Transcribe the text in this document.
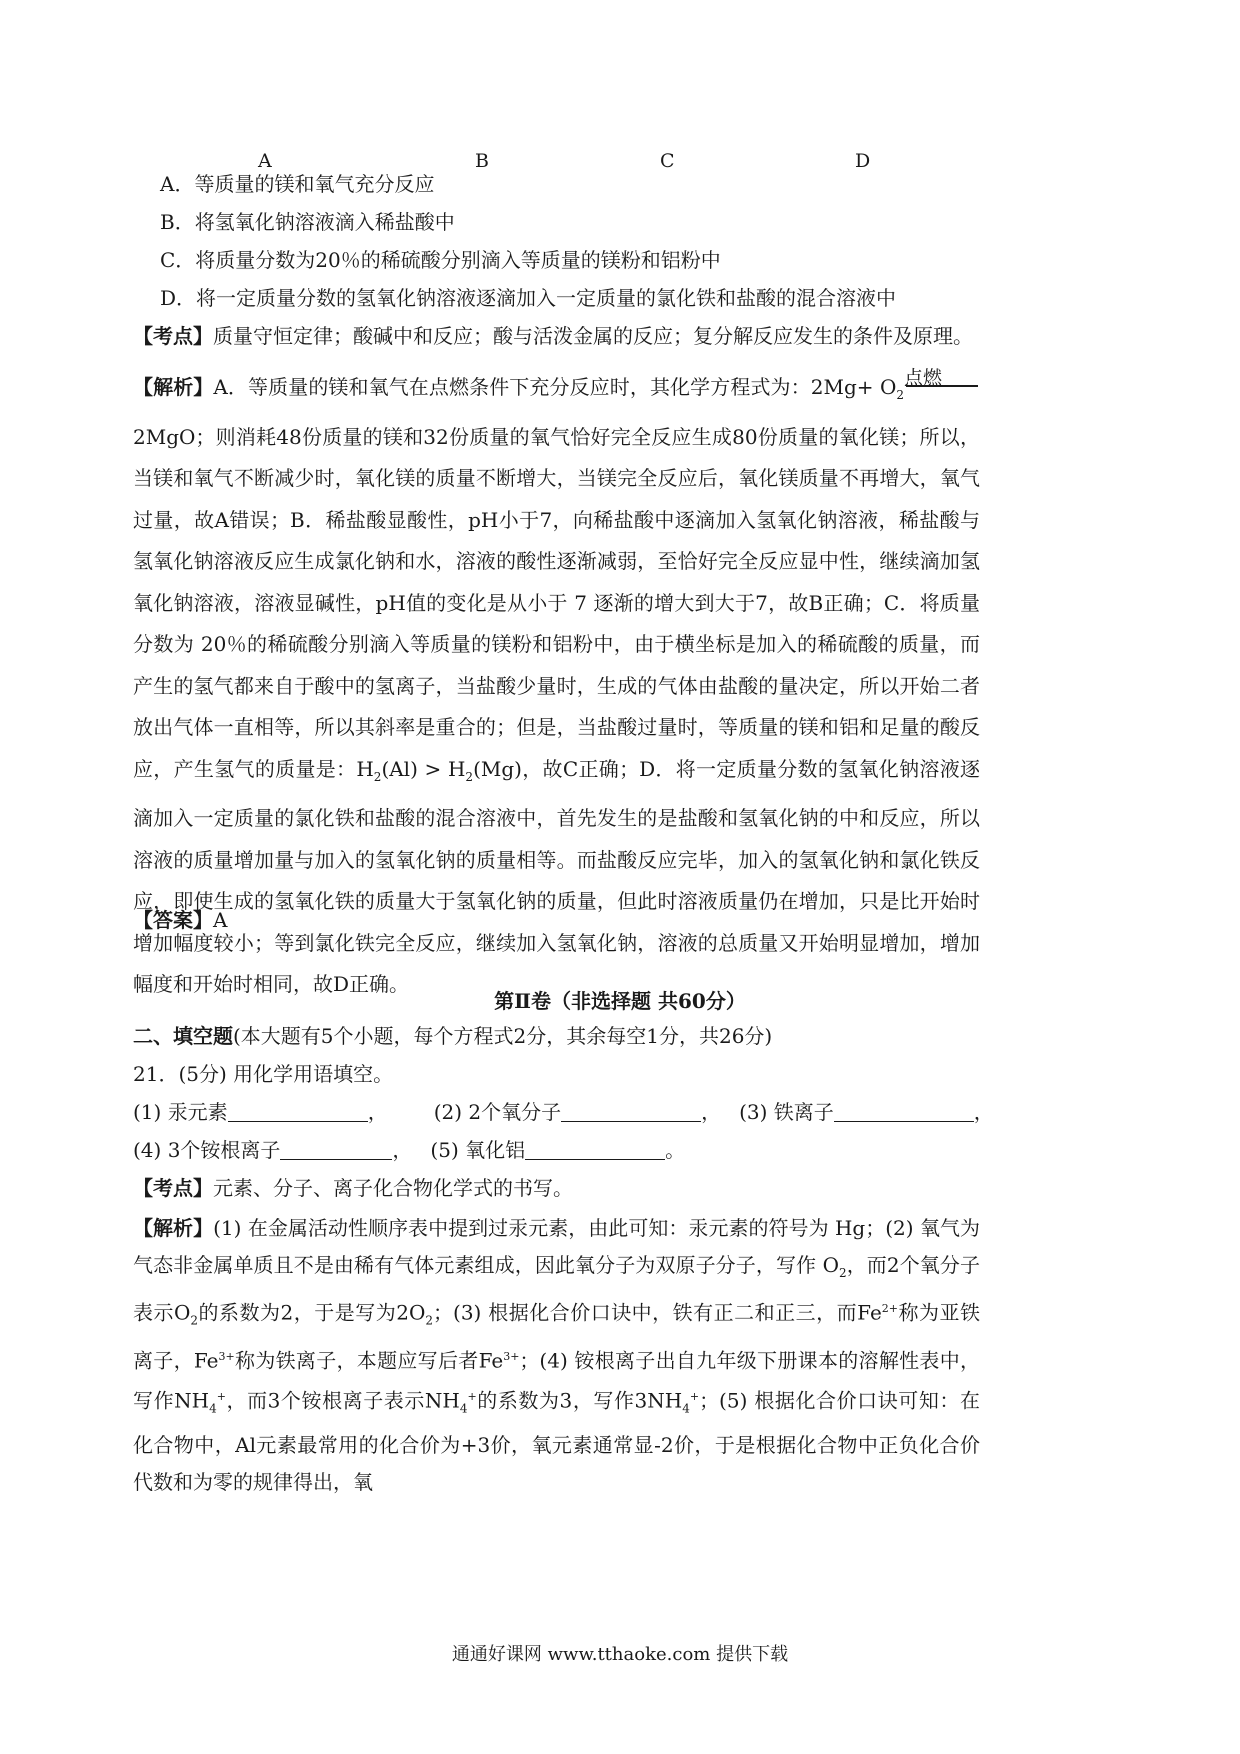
A	B	C	D
A．等质量的镁和氧气充分反应
B．将氢氧化钠溶液滴入稀盐酸中
C．将质量分数为20％的稀硫酸分别滴入等质量的镁粉和铝粉中
D．将一定质量分数的氢氧化钠溶液逐滴加入一定质量的氯化铁和盐酸的混合溶液中
【考点】质量守恒定律；酸碱中和反应；酸与活泼金属的反应；复分解反应发生的条件及原理。
【解析】A．等质量的镁和氧气在点燃条件下充分反应时，其化学方程式为：$2Mg+ O_2$
点燃
2MgO；则消耗48份质量的镁和32份质量的氧气恰好完全反应生成80份质量的氧化镁；所以，当镁和氧气不断减少时，氧化镁的质量不断增大，当镁完全反应后，氧化镁质量不再增大，氧气过量，故A错误；B．稀盐酸显酸性，pH小于7，向稀盐酸中逐滴加入氢氧化钠溶液，稀盐酸与氢氧化钠溶液反应生成氯化钠和水，溶液的酸性逐渐减弱，至恰好完全反应显中性，继续滴加氢氧化钠溶液，溶液显碱性，pH值的变化是从小于 7 逐渐的增大到大于7，故B正确；C．将质量分数为 20％的稀硫酸分别滴入等质量的镁粉和铝粉中，由于横坐标是加入的稀硫酸的质量，而产生的氢气都来自于酸中的氢离子，当盐酸少量时，生成的气体由盐酸的量决定，所以开始二者放出气体一直相等，所以其斜率是重合的；但是，当盐酸过量时，等质量的镁和铝和足量的酸反应，产生氢气的质量是：$H_2(Al) > H_2(Mg)$，故C正确；D．将一定质量分数的氢氧化钠溶液逐滴加入一定质量的氯化铁和盐酸的混合溶液中，首先发生的是盐酸和氢氧化钠的中和反应，所以溶液的质量增加量与加入的氢氧化钠的质量相等。而盐酸反应完毕，加入的氢氧化钠和氯化铁反应，即使生成的氢氧化铁的质量大于氢氧化钠的质量，但此时溶液质量仍在增加，只是比开始时增加幅度较小；等到氯化铁完全反应，继续加入氢氧化钠，溶液的总质量又开始明显增加，增加幅度和开始时相同，故D正确。
【答案】A
第Ⅱ卷（非选择题 共60分）
二、填空题(本大题有5个小题，每个方程式2分，其余每空1分，共26分)
21．(5分) 用化学用语填空。
(1) 汞元素	， (2) 2个氧分子	， (3) 铁离子	，
(4) 3个铵根离子	， (5) 氧化铝	。
【考点】元素、分子、离子化合物化学式的书写。
【解析】(1) 在金属活动性顺序表中提到过汞元素，由此可知：汞元素的符号为 Hg；(2) 氧气为气态非金属单质且不是由稀有气体元素组成，因此氧分子为双原子分子，写作 $O_2$，而2个氧分子表示$O_2$的系数为2，于是写为$2O_2$；(3) 根据化合价口诀中，铁有正二和正三，而$Fe^{2+}$称为亚铁离子，$Fe^{3+}$称为铁离子，本题应写后者$Fe^{3+}$；(4) 铵根离子出自九年级下册课本的溶解性表中，写作$NH_4^+$，而3个铵根离子表示$NH_4^+$的系数为3，写作$3NH_4^+$；(5) 根据化合价口诀可知：在化合物中，Al元素最常用的化合价为+3价，氧元素通常显-2价，于是根据化合物中正负化合价代数和为零的规律得出，氧
通通好课网 www.tthaoke.com 提供下载
